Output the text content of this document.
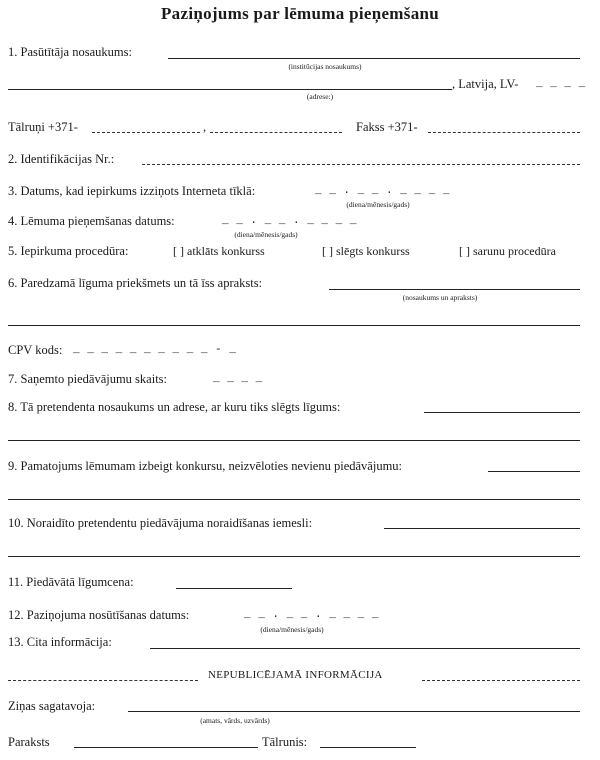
Paziņojums par lēmuma pieņemšanu
1. Pasūtītāja nosaukums:
(institūcijas nosaukums)
, Latvija, LV- _ _ _ _
(adrese:)
Tālruņi +371-	,	Fakss +371-
2. Identifikācijas Nr.:
3. Datums, kad iepirkums izziņots Interneta tīklā:	_ _ . _ _ . _ _ _ _
(diena/mēnesis/gads)
4. Lēmuma pieņemšanas datums:	_ _ . _ _ . _ _ _ _
(diena/mēnesis/gads)
5. Iepirkuma procedūra:	[ ] atklāts konkurss	[ ] slēgts konkurss	[ ] sarunu procedūra
6. Paredzamā līguma priekšmets un tā īss apraksts:
(nosaukums un apraksts)
CPV kods: _ _ _ _ _ _ _ _ _ _ - _
7. Saņemto piedāvājumu skaits:	_ _ _ _
8. Tā pretendenta nosaukums un adrese, ar kuru tiks slēgts līgums:
9. Pamatojums lēmumam izbeigt konkursu, neizvēloties nevienu piedāvājumu:
10. Noraidīto pretendentu piedāvājuma noraidīšanas iemesli:
11. Piedāvātā līgumcena:
12. Paziņojuma nosūtīšanas datums:	_ _ . _ _ . _ _ _ _
(diena/mēnesis/gads)
13. Cita informācija:
NEPUBLICĒJAMĀ INFORMĀCIJA
Ziņas sagatavoja:
(amats, vārds, uzvārds)
Paraksts	Tālrunis:
